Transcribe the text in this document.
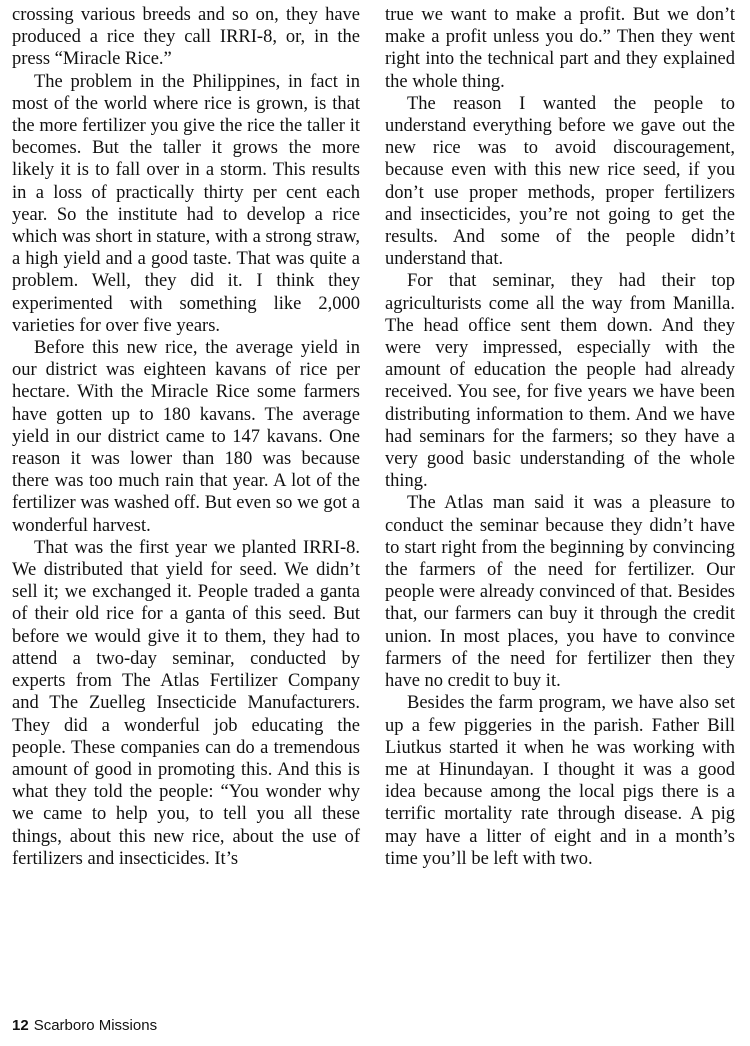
crossing various breeds and so on, they have produced a rice they call IRRI-8, or, in the press “Miracle Rice.”

The problem in the Philippines, in fact in most of the world where rice is grown, is that the more fertilizer you give the rice the taller it becomes. But the taller it grows the more likely it is to fall over in a storm. This results in a loss of practically thirty per cent each year. So the institute had to develop a rice which was short in stature, with a strong straw, a high yield and a good taste. That was quite a problem. Well, they did it. I think they experimented with something like 2,000 varieties for over five years.

Before this new rice, the average yield in our district was eighteen kavans of rice per hectare. With the Miracle Rice some farmers have gotten up to 180 kavans. The average yield in our district came to 147 kavans. One reason it was lower than 180 was because there was too much rain that year. A lot of the fertilizer was washed off. But even so we got a wonderful harvest.

That was the first year we planted IRRI-8. We distributed that yield for seed. We didn’t sell it; we exchanged it. People traded a ganta of their old rice for a ganta of this seed. But before we would give it to them, they had to attend a two-day seminar, conducted by experts from The Atlas Fertilizer Company and The Zuelleg Insecticide Manufacturers. They did a wonderful job educating the people. These companies can do a tremendous amount of good in promoting this. And this is what they told the people: “You wonder why we came to help you, to tell you all these things, about this new rice, about the use of fertilizers and insecticides. It’s

true we want to make a profit. But we don’t make a profit unless you do.” Then they went right into the technical part and they explained the whole thing.

The reason I wanted the people to understand everything before we gave out the new rice was to avoid discouragement, because even with this new rice seed, if you don’t use proper methods, proper fertilizers and insecticides, you’re not going to get the results. And some of the people didn’t understand that.

For that seminar, they had their top agriculturists come all the way from Manilla. The head office sent them down. And they were very impressed, especially with the amount of education the people had already received. You see, for five years we have been distributing information to them. And we have had seminars for the farmers; so they have a very good basic understanding of the whole thing.

The Atlas man said it was a pleasure to conduct the seminar because they didn’t have to start right from the beginning by convincing the farmers of the need for fertilizer. Our people were already convinced of that. Besides that, our farmers can buy it through the credit union. In most places, you have to convince farmers of the need for fertilizer then they have no credit to buy it.

Besides the farm program, we have also set up a few piggeries in the parish. Father Bill Liutkus started it when he was working with me at Hinundayan. I thought it was a good idea because among the local pigs there is a terrific mortality rate through disease. A pig may have a litter of eight and in a month’s time you’ll be left with two.

12 Scarboro Missions
